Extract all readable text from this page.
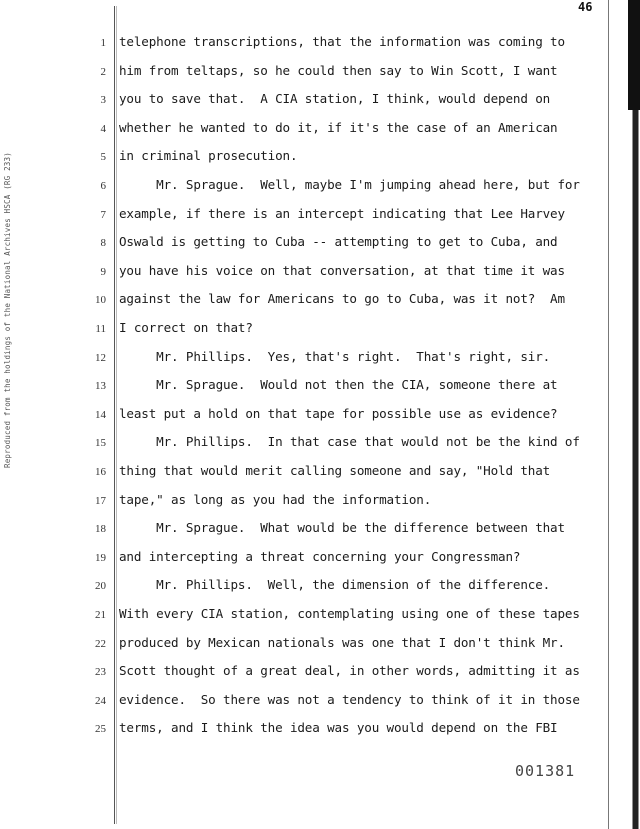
46
Reproduced from the holdings of the National Archives HSCA (RG 233)
1 telephone transcriptions, that the information was coming to
2 him from teltaps, so he could then say to Win Scott, I want
3 you to save that.  A CIA station, I think, would depend on
4 whether he wanted to do it, if it's the case of an American
5 in criminal prosecution.
6 Mr. Sprague.  Well, maybe I'm jumping ahead here, but for
7 example, if there is an intercept indicating that Lee Harvey
8 Oswald is getting to Cuba -- attempting to get to Cuba, and
9 you have his voice on that conversation, at that time it was
10 against the law for Americans to go to Cuba, was it not?  Am
11 I correct on that?
12 Mr. Phillips.  Yes, that's right.  That's right, sir.
13 Mr. Sprague.  Would not then the CIA, someone there at
14 least put a hold on that tape for possible use as evidence?
15 Mr. Phillips.  In that case that would not be the kind of
16 thing that would merit calling someone and say, "Hold that
17 tape," as long as you had the information.
18 Mr. Sprague.  What would be the difference between that
19 and intercepting a threat concerning your Congressman?
20 Mr. Phillips.  Well, the dimension of the difference.
21 With every CIA station, contemplating using one of these tapes
22 produced by Mexican nationals was one that I don't think Mr.
23 Scott thought of a great deal, in other words, admitting it as
24 evidence.  So there was not a tendency to think of it in those
25 terms, and I think the idea was you would depend on the FBI
001381
